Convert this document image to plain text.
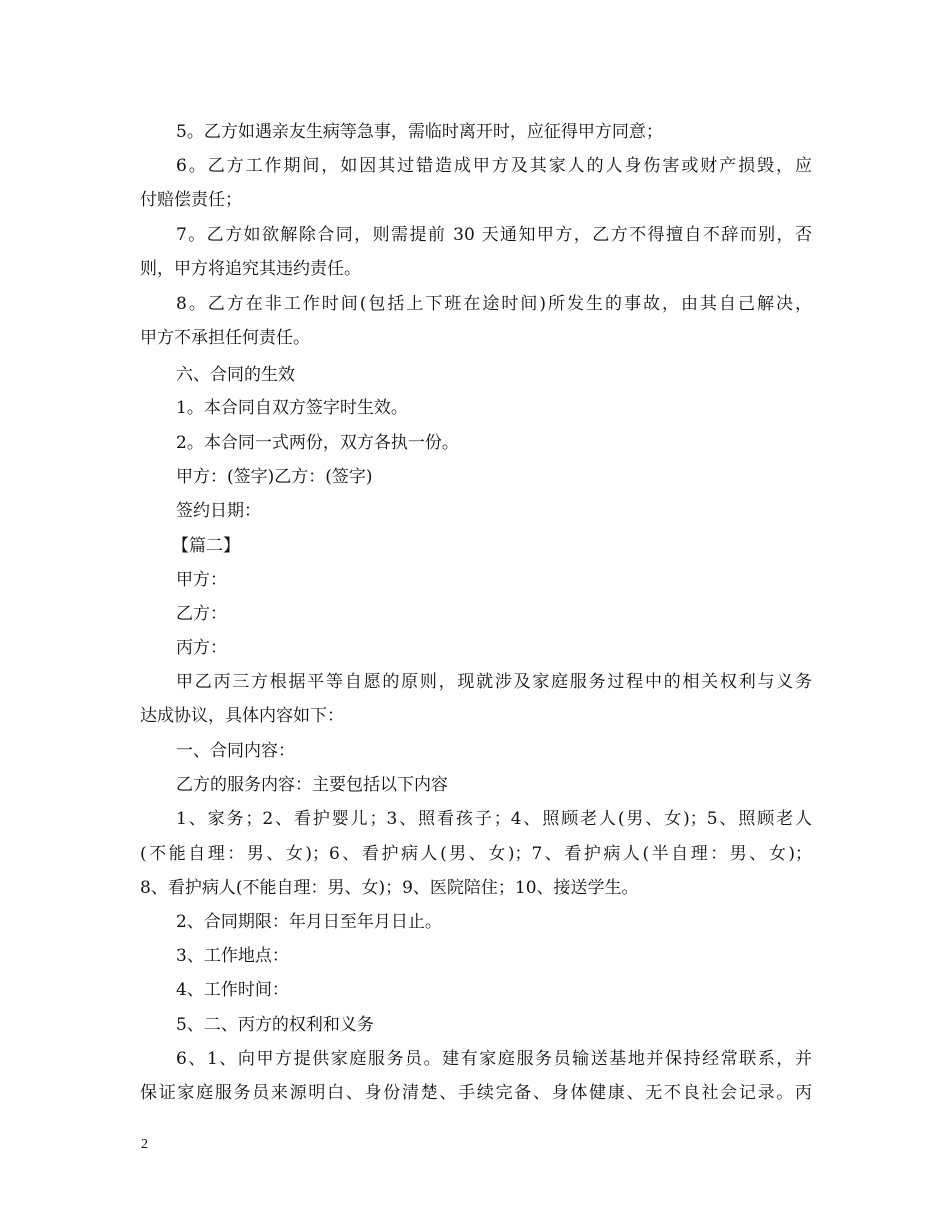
5。乙方如遇亲友生病等急事，需临时离开时，应征得甲方同意；
6。乙方工作期间，如因其过错造成甲方及其家人的人身伤害或财产损毁，应
付赔偿责任；
7。乙方如欲解除合同，则需提前 30 天通知甲方，乙方不得擅自不辞而别，否
则，甲方将追究其违约责任。
8。乙方在非工作时间(包括上下班在途时间)所发生的事故，由其自己解决，
甲方不承担任何责任。
六、合同的生效
1。本合同自双方签字时生效。
2。本合同一式两份，双方各执一份。
甲方：(签字)乙方：(签字)
签约日期：
【篇二】
甲方：
乙方：
丙方：
甲乙丙三方根据平等自愿的原则，现就涉及家庭服务过程中的相关权利与义务
达成协议，具体内容如下：
一、合同内容：
乙方的服务内容：主要包括以下内容
1、家务；2、看护婴儿；3、照看孩子；4、照顾老人(男、女)；5、照顾老人
(不能自理：男、女)；6、看护病人(男、女)；7、看护病人(半自理：男、女)；
8、看护病人(不能自理：男、女)；9、医院陪住；10、接送学生。
2、合同期限：年月日至年月日止。
3、工作地点：
4、工作时间：
5、二、丙方的权利和义务
6、1、向甲方提供家庭服务员。建有家庭服务员输送基地并保持经常联系，并
保证家庭服务员来源明白、身份清楚、手续完备、身体健康、无不良社会记录。丙
2
